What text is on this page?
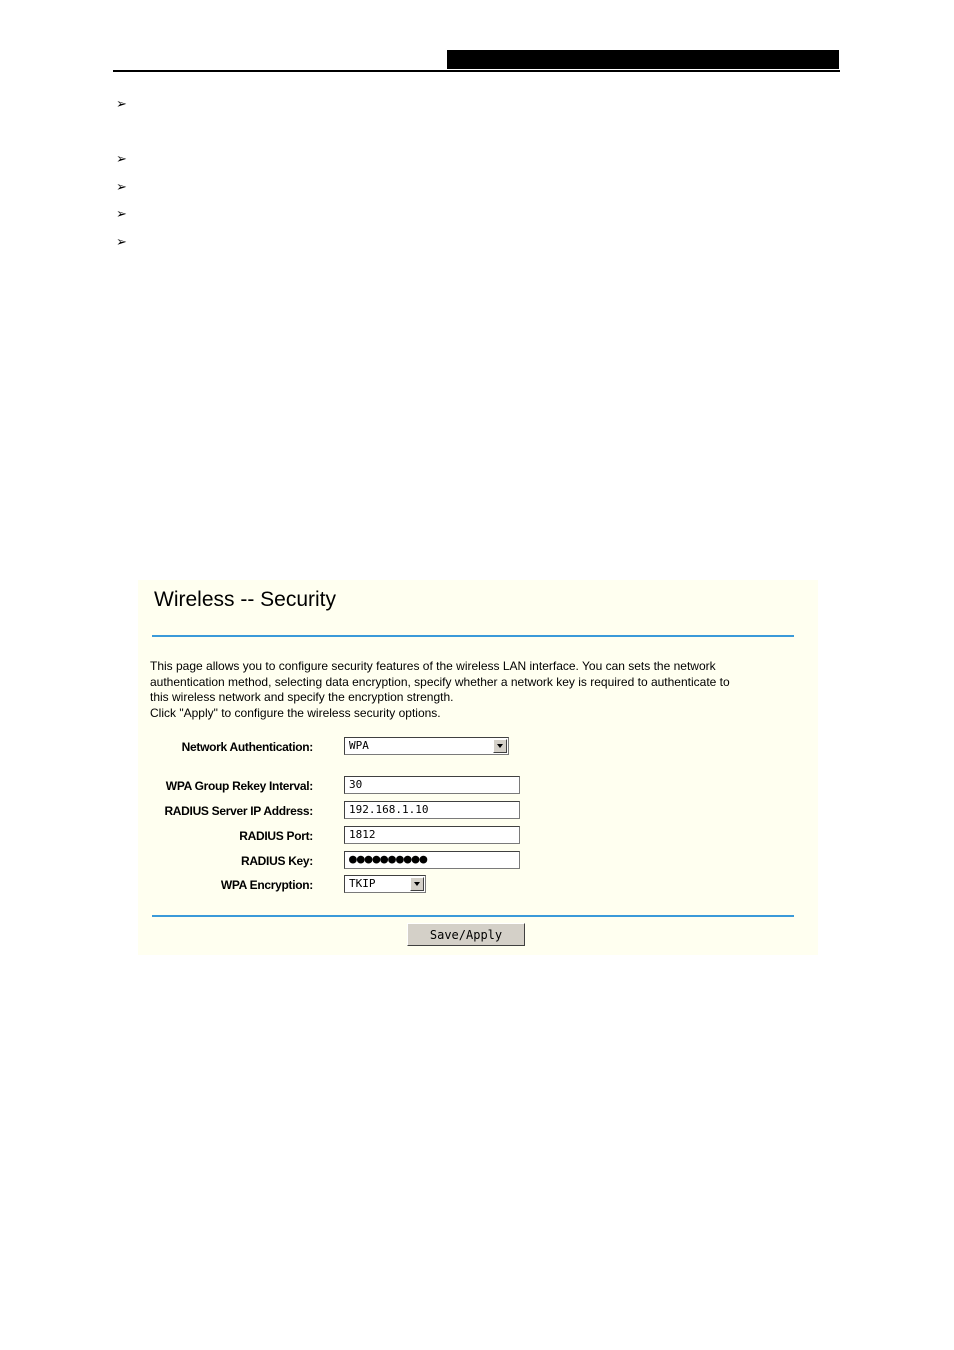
➢
➢
➢
➢
➢
Wireless -- Security

This page allows you to configure security features of the wireless LAN interface. You can sets the network

authentication method, selecting data encryption, specify whether a network key is required to authenticate to

this wireless network and specify the encryption strength.

Click "Apply" to configure the wireless security options.

Network Authentication:	WPA
WPA Group Rekey Interval:	30
RADIUS Server IP Address:	192.168.1.10
RADIUS Port:	1812
RADIUS Key:	●●●●●●●●●●
WPA Encryption:	TKIP
Save/Apply
